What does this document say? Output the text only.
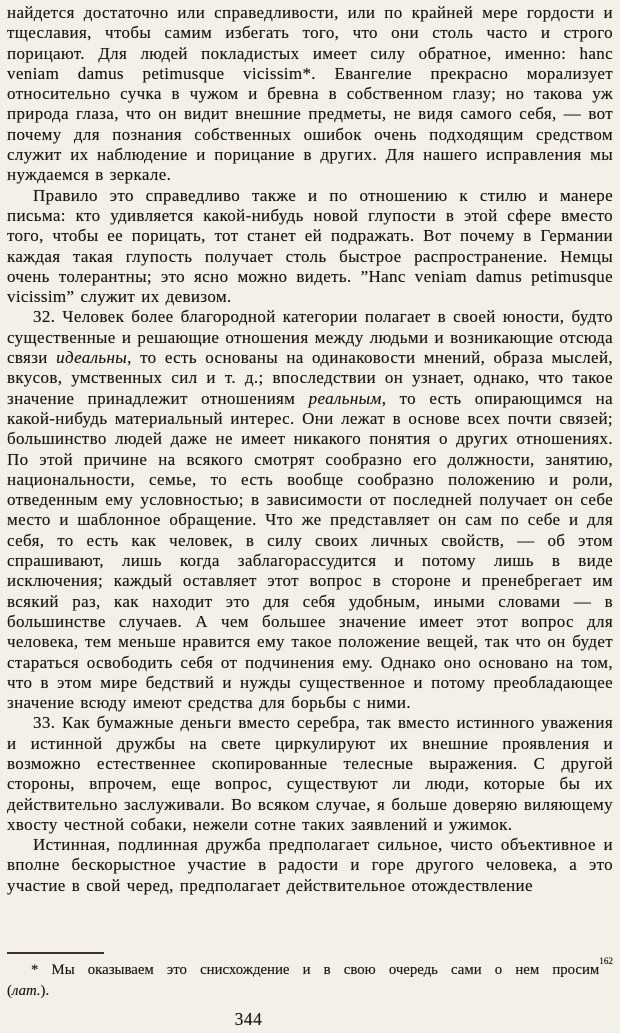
найдется достаточно или справедливости, или по крайней мере гордости и тщеславия, чтобы самим избегать того, что они столь часто и строго порицают. Для людей покладистых имеет силу обратное, именно: hanc veniam damus petimusque vicissim*. Евангелие прекрасно морализует относительно сучка в чужом и бревна в собственном глазу; но такова уж природа глаза, что он видит внешние предметы, не видя самого себя, — вот почему для познания собственных ошибок очень подходящим средством служит их наблюдение и порицание в других. Для нашего исправления мы нуждаемся в зеркале.

Правило это справедливо также и по отношению к стилю и манере письма: кто удивляется какой-нибудь новой глупости в этой сфере вместо того, чтобы ее порицать, тот станет ей подражать. Вот почему в Германии каждая такая глупость получает столь быстрое распространение. Немцы очень толерантны; это ясно можно видеть. ”Hanc veniam damus petimusque vicissim” служит их девизом.

32. Человек более благородной категории полагает в своей юности, будто существенные и решающие отношения между людьми и возникающие отсюда связи идеальны, то есть основаны на одинаковости мнений, образа мыслей, вкусов, умственных сил и т. д.; впоследствии он узнает, однако, что такое значение принадлежит отношениям реальным, то есть опирающимся на какой-нибудь материальный интерес. Они лежат в основе всех почти связей; большинство людей даже не имеет никакого понятия о других отношениях. По этой причине на всякого смотрят сообразно его должности, занятию, национальности, семье, то есть вообще сообразно положению и роли, отведенным ему условностью; в зависимости от последней получает он себе место и шаблонное обращение. Что же представляет он сам по себе и для себя, то есть как человек, в силу своих личных свойств, — об этом спрашивают, лишь когда заблагорассудится и потому лишь в виде исключения; каждый оставляет этот вопрос в стороне и пренебрегает им всякий раз, как находит это для себя удобным, иными словами — в большинстве случаев. А чем большее значение имеет этот вопрос для человека, тем меньше нравится ему такое положение вещей, так что он будет стараться освободить себя от подчинения ему. Однако оно основано на том, что в этом мире бедствий и нужды существенное и потому преобладающее значение всюду имеют средства для борьбы с ними.

33. Как бумажные деньги вместо серебра, так вместо истинного уважения и истинной дружбы на свете циркулируют их внешние проявления и возможно естественнее скопированные телесные выражения. С другой стороны, впрочем, еще вопрос, существуют ли люди, которые бы их действительно заслуживали. Во всяком случае, я больше доверяю виляющему хвосту честной собаки, нежели сотне таких заявлений и ужимок.

Истинная, подлинная дружба предполагает сильное, чисто объективное и вполне бескорыстное участие в радости и горе другого человека, а это участие в свой черед, предполагает действительное отождествление

* Мы оказываем это снисхождение и в свою очередь сами о нем просим$^{162}$
(лат.).
344
